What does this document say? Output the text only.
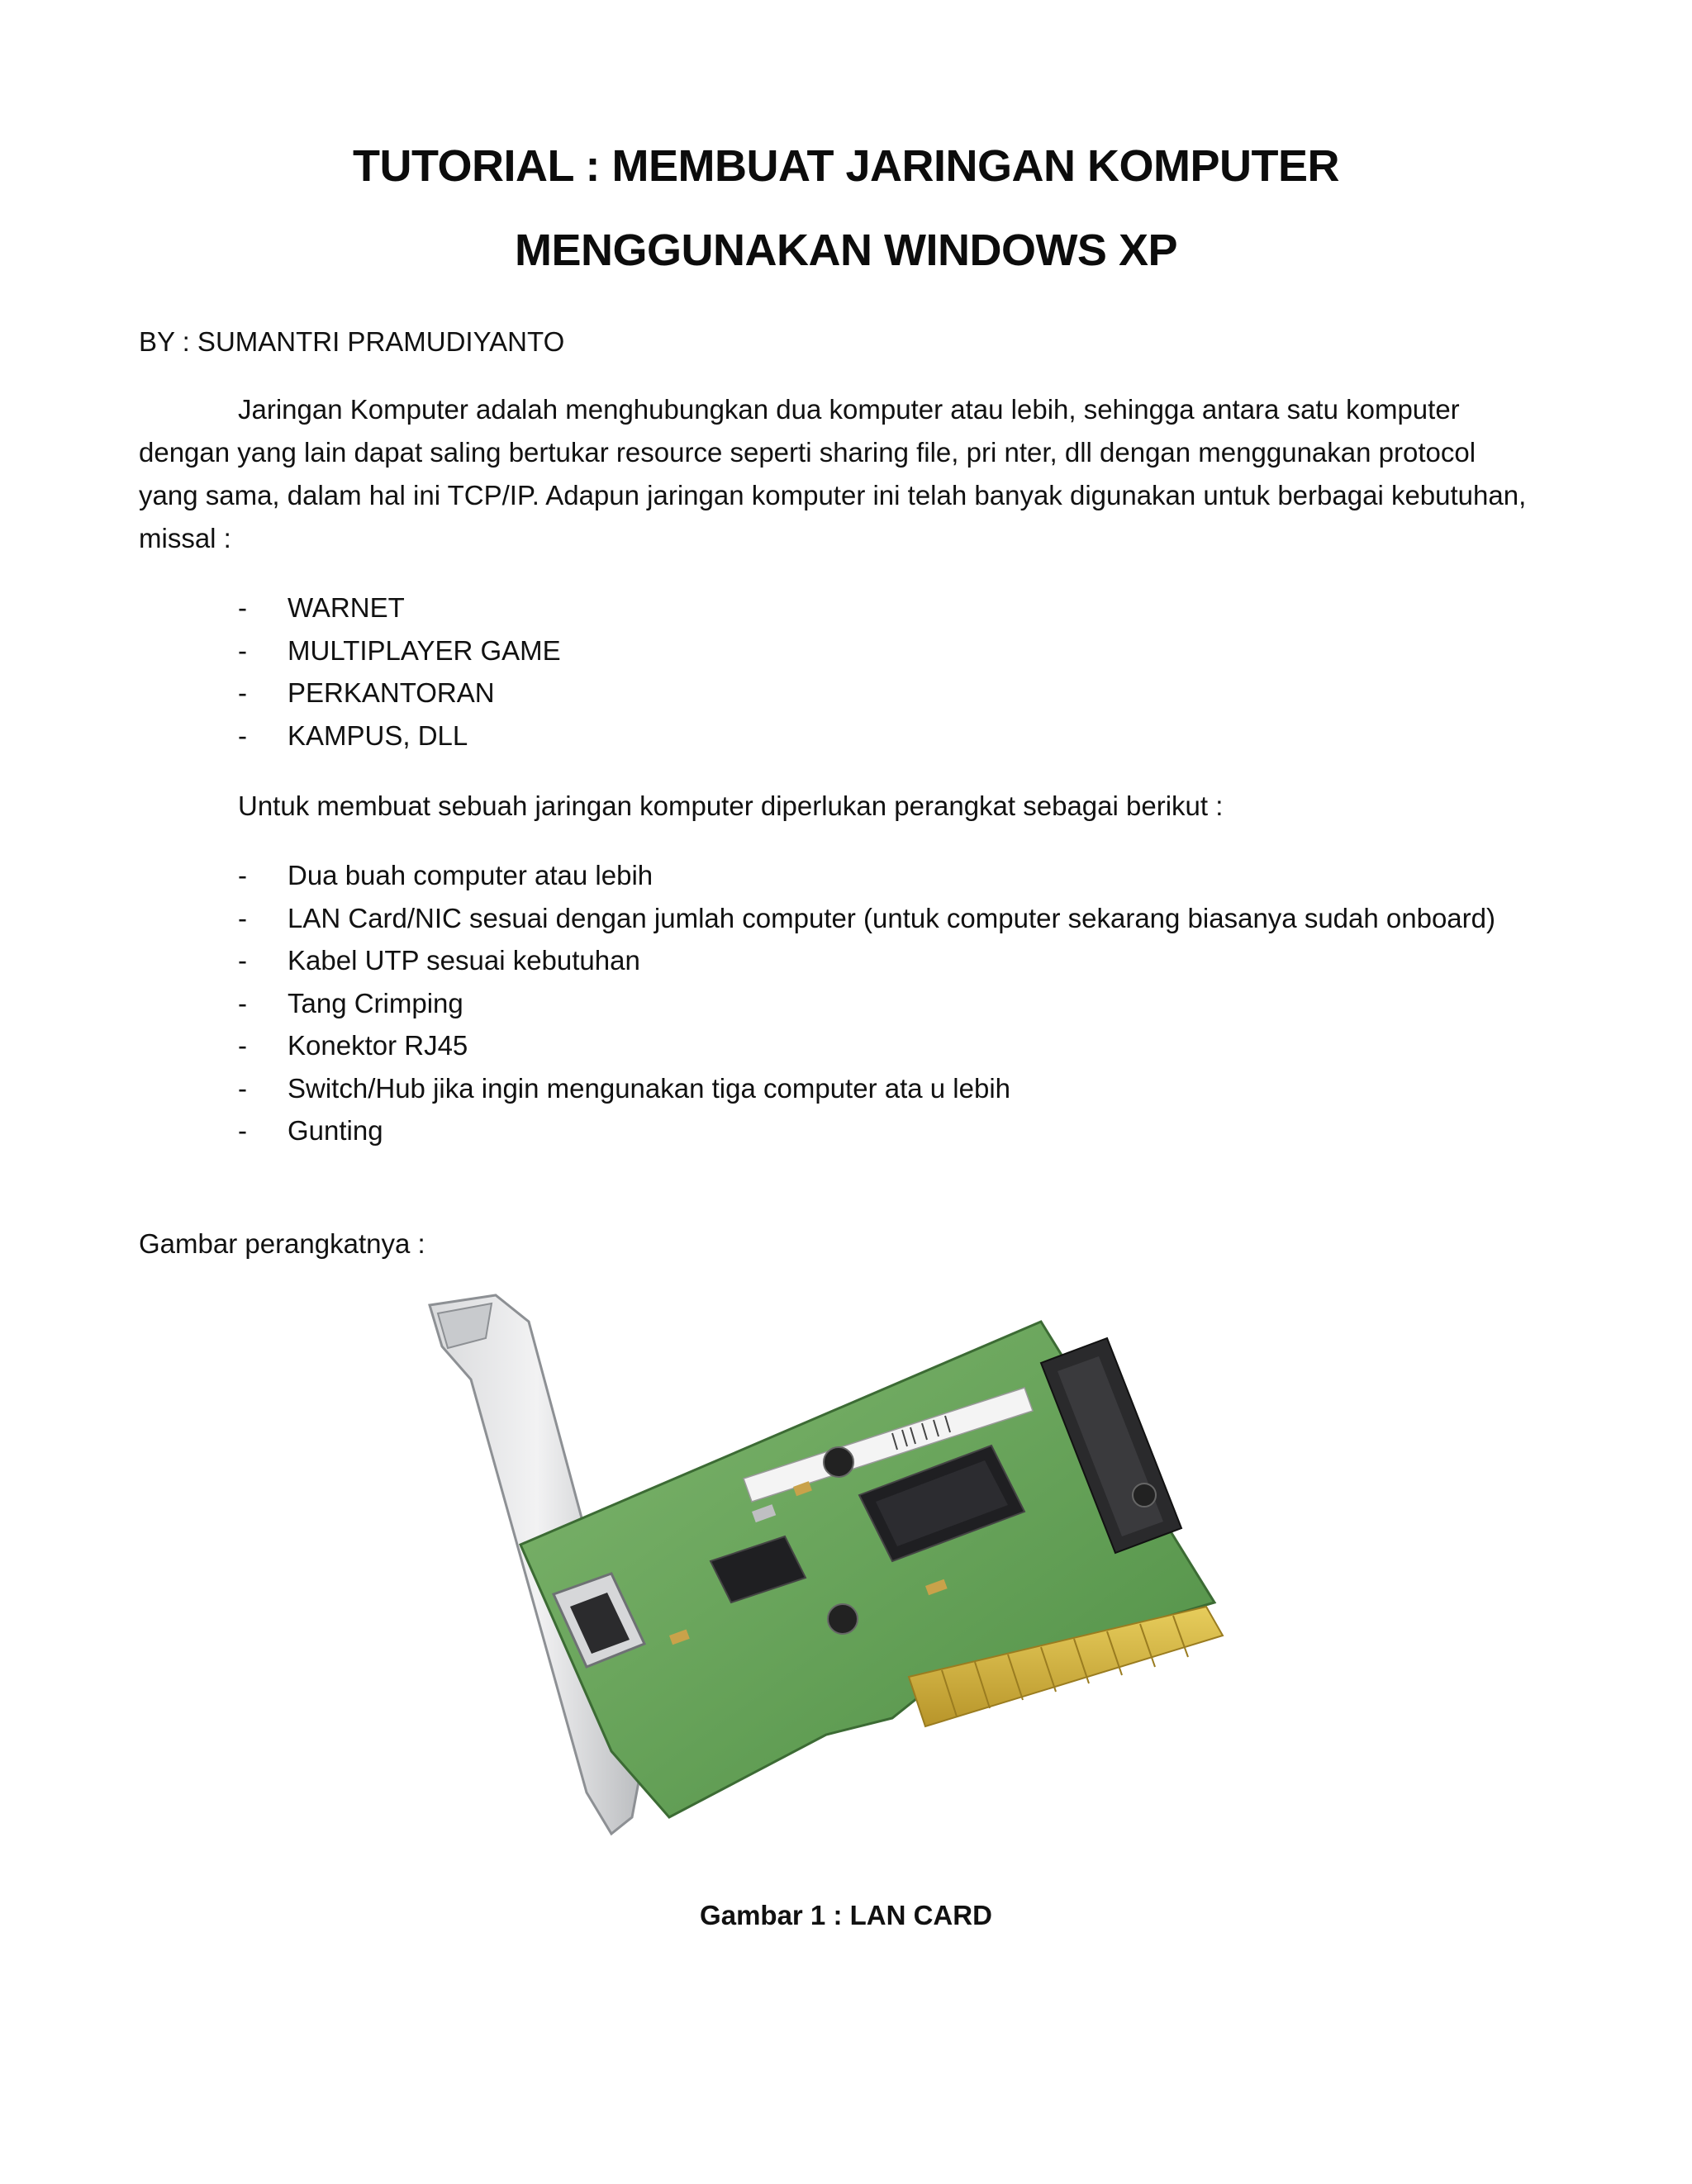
TUTORIAL : MEMBUAT JARINGAN KOMPUTER
MENGGUNAKAN WINDOWS XP
BY : SUMANTRI PRAMUDIYANTO
Jaringan Komputer adalah menghubungkan dua komputer atau lebih, sehingga antara satu komputer dengan yang lain dapat saling bertukar resource seperti sharing file, pri nter, dll dengan menggunakan protocol yang sama, dalam hal ini TCP/IP. Adapun jaringan komputer ini telah banyak digunakan untuk berbagai kebutuhan, missal :
- WARNET
- MULTIPLAYER GAME
- PERKANTORAN
- KAMPUS, DLL
Untuk membuat sebuah jaringan komputer diperlukan perangkat sebagai berikut :
- Dua buah computer atau lebih
- LAN Card/NIC sesuai dengan jumlah computer (untuk computer sekarang biasanya sudah onboard)
- Kabel UTP sesuai kebutuhan
- Tang Crimping
- Konektor RJ45
- Switch/Hub jika ingin mengunakan tiga computer ata u lebih
- Gunting
Gambar perangkatnya :
Gambar 1 : LAN CARD
